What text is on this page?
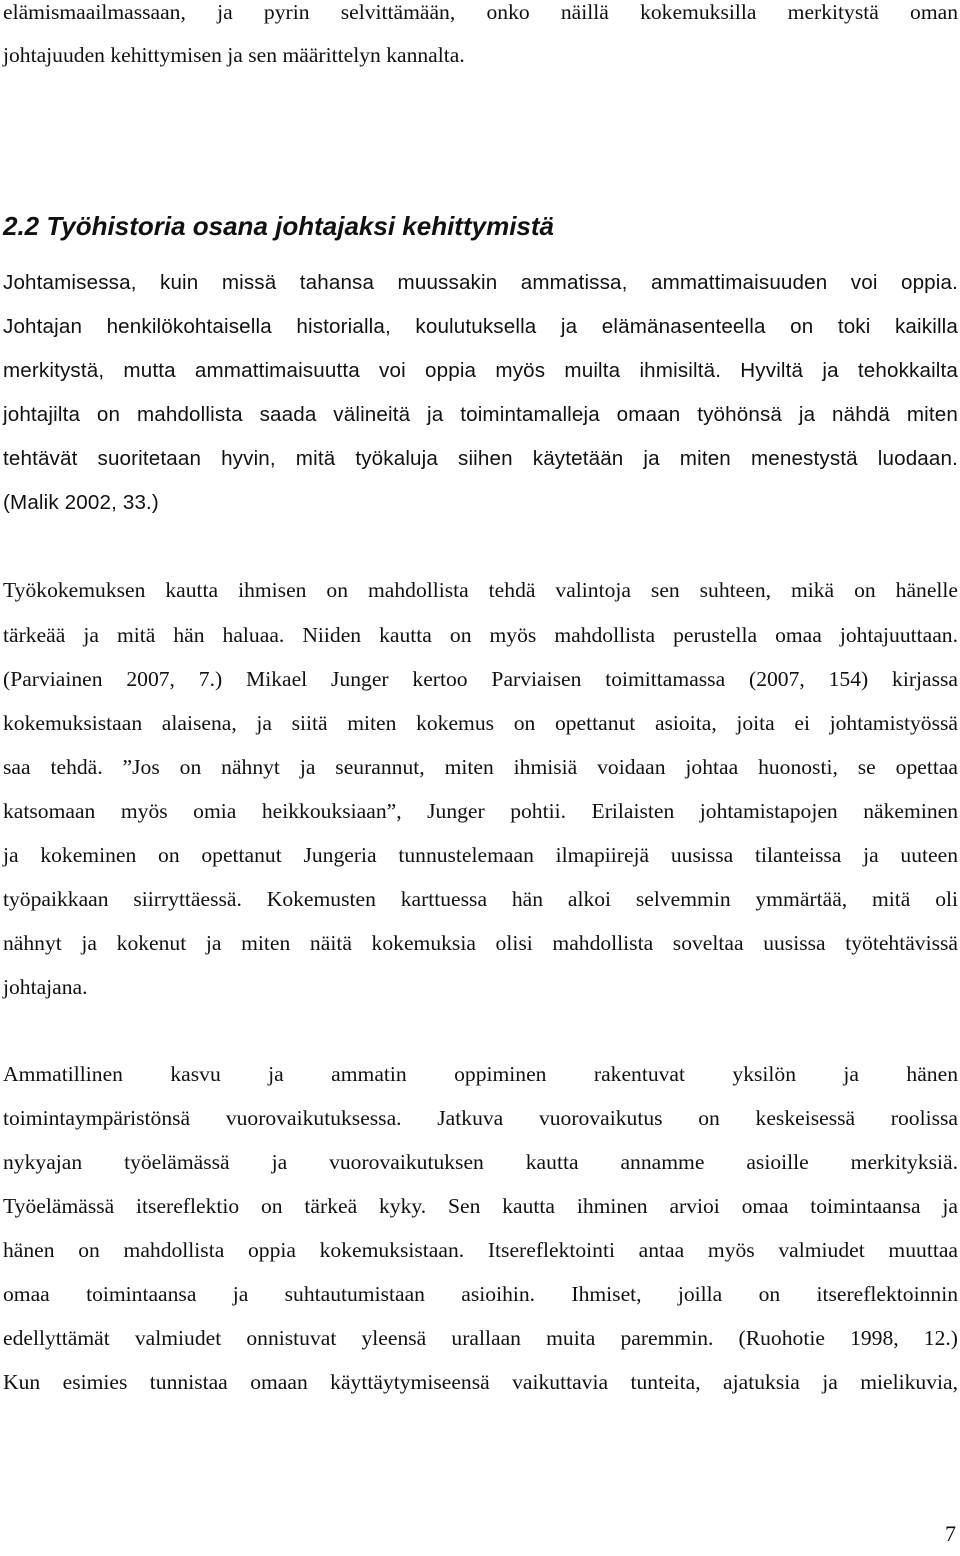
elämismaailmassaan, ja pyrin selvittämään, onko näillä kokemuksilla merkitystä oman
johtajuuden kehittymisen ja sen määrittelyn kannalta.
2.2 Työhistoria osana johtajaksi kehittymistä
Johtamisessa, kuin missä tahansa muussakin ammatissa, ammattimaisuuden voi oppia.
Johtajan henkilökohtaisella historialla, koulutuksella ja elämänasenteella on toki kaikilla
merkitystä, mutta ammattimaisuutta voi oppia myös muilta ihmisiltä. Hyviltä ja tehokkailta
johtajilta on mahdollista saada välineitä ja toimintamalleja omaan työhönsä ja nähdä miten
tehtävät suoritetaan hyvin, mitä työkaluja siihen käytetään ja miten menestystä luodaan.
(Malik 2002, 33.)
Työkokemuksen kautta ihmisen on mahdollista tehdä valintoja sen suhteen, mikä on hänelle
tärkeää ja mitä hän haluaa. Niiden kautta on myös mahdollista perustella omaa johtajuuttaan.
(Parviainen 2007, 7.) Mikael Junger kertoo Parviaisen toimittamassa (2007, 154) kirjassa
kokemuksistaan alaisena, ja siitä miten kokemus on opettanut asioita, joita ei johtamistyössä
saa tehdä. ”Jos on nähnyt ja seurannut, miten ihmisiä voidaan johtaa huonosti, se opettaa
katsomaan myös omia heikkouksiaan”, Junger pohtii. Erilaisten johtamistapojen näkeminen
ja kokeminen on opettanut Jungeria tunnustelemaan ilmapiirejä uusissa tilanteissa ja uuteen
työpaikkaan siirryttäessä. Kokemusten karttuessa hän alkoi selvemmin ymmärtää, mitä oli
nähnyt ja kokenut ja miten näitä kokemuksia olisi mahdollista soveltaa uusissa työtehtävissä
johtajana.
Ammatillinen kasvu ja ammatin oppiminen rakentuvat yksilön ja hänen
toimintaympäristönsä vuorovaikutuksessa. Jatkuva vuorovaikutus on keskeisessä roolissa
nykyajan työelämässä ja vuorovaikutuksen kautta annamme asioille merkityksiä.
Työelämässä itsereflektio on tärkeä kyky. Sen kautta ihminen arvioi omaa toimintaansa ja
hänen on mahdollista oppia kokemuksistaan. Itsereflektointi antaa myös valmiudet muuttaa
omaa toimintaansa ja suhtautumistaan asioihin. Ihmiset, joilla on itsereflektoinnin
edellyttämät valmiudet onnistuvat yleensä urallaan muita paremmin. (Ruohotie 1998, 12.)
Kun esimies tunnistaa omaan käyttäytymiseensä vaikuttavia tunteita, ajatuksia ja mielikuvia,
7
